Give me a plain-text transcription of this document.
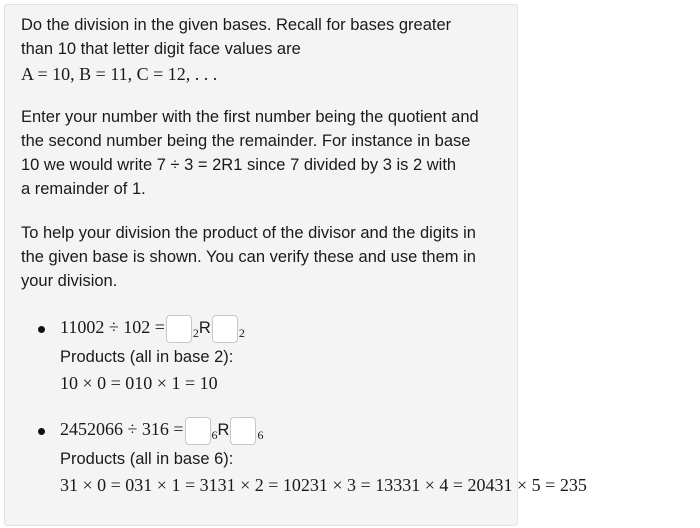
Do the division in the given bases. Recall for bases greater
than 10 that letter digit face values are
A = 10, B = 11, C = 12, . . .
Enter your number with the first number being the quotient and
the second number being the remainder. For instance in base
10 we would write 7 ÷ 3 = 2R1 since 7 divided by 3 is 2 with
a remainder of 1.
To help your division the product of the divisor and the digits in
the given base is shown. You can verify these and use them in
your division.
11002 ÷ 102 = $_2$R $_2$
Products (all in base 2):
10 × 0 = 010 × 1 = 10
2452066 ÷ 316 = $_6$R $_6$
Products (all in base 6):
31 × 0 = 031 × 1 = 3131 × 2 = 10231 × 3 = 13331 × 4 = 20431 × 5 = 235
